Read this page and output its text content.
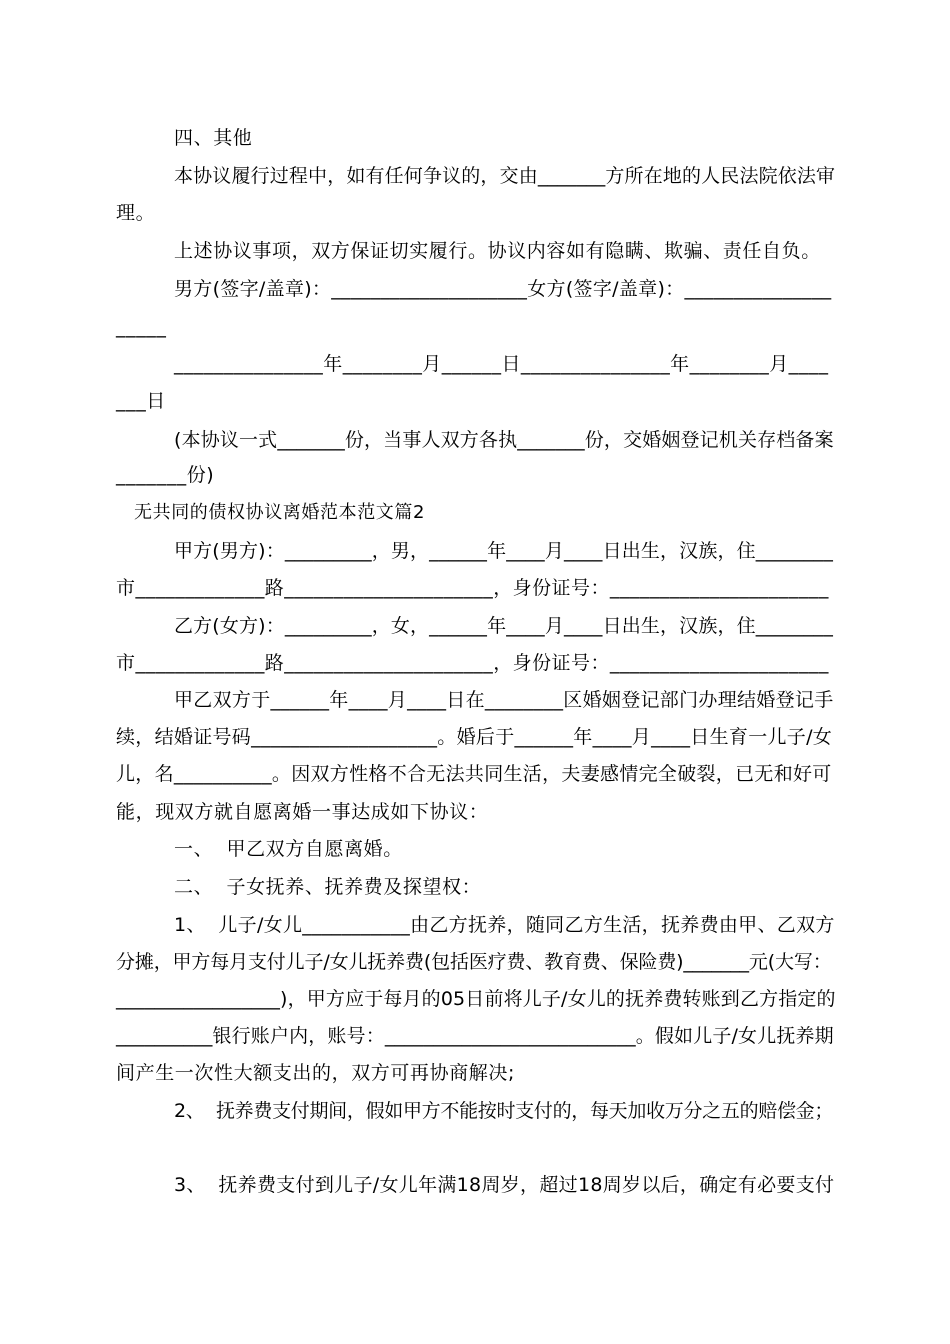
四、其他
本协议履行过程中，如有任何争议的，交由_______方所在地的人民法院依法审
理。
上述协议事项，双方保证切实履行。协议内容如有隐瞒、欺骗、责任自负。
男方(签字/盖章)：____________________女方(签字/盖章)：_______________
_____
_______________年________月______日_______________年________月____
___日
(本协议一式_______份，当事人双方各执_______份，交婚姻登记机关存档备案
_______份)
无共同的债权协议离婚范本范文篇2
甲方(男方)：_________，男，______年____月____日出生，汉族，住________
市_____________路_____________________，身份证号：______________________
乙方(女方)：_________，女，______年____月____日出生，汉族，住________
市_____________路_____________________，身份证号：______________________
甲乙双方于______年____月____日在________区婚姻登记部门办理结婚登记手
续，结婚证号码___________________。婚后于______年____月____日生育一儿子/女
儿，名__________。因双方性格不合无法共同生活，夫妻感情完全破裂，已无和好可
能，现双方就自愿离婚一事达成如下协议：
一、  甲乙双方自愿离婚。
二、  子女抚养、抚养费及探望权：
1、  儿子/女儿___________由乙方抚养，随同乙方生活，抚养费由甲、乙双方
分摊，甲方每月支付儿子/女儿抚养费(包括医疗费、教育费、保险费)_______元(大写：
_________________)，甲方应于每月的05日前将儿子/女儿的抚养费转账到乙方指定的
__________银行账户内，账号：__________________________。假如儿子/女儿抚养期
间产生一次性大额支出的，双方可再协商解决;
2、  抚养费支付期间，假如甲方不能按时支付的，每天加收万分之五的赔偿金；
3、  抚养费支付到儿子/女儿年满18周岁，超过18周岁以后，确定有必要支付
